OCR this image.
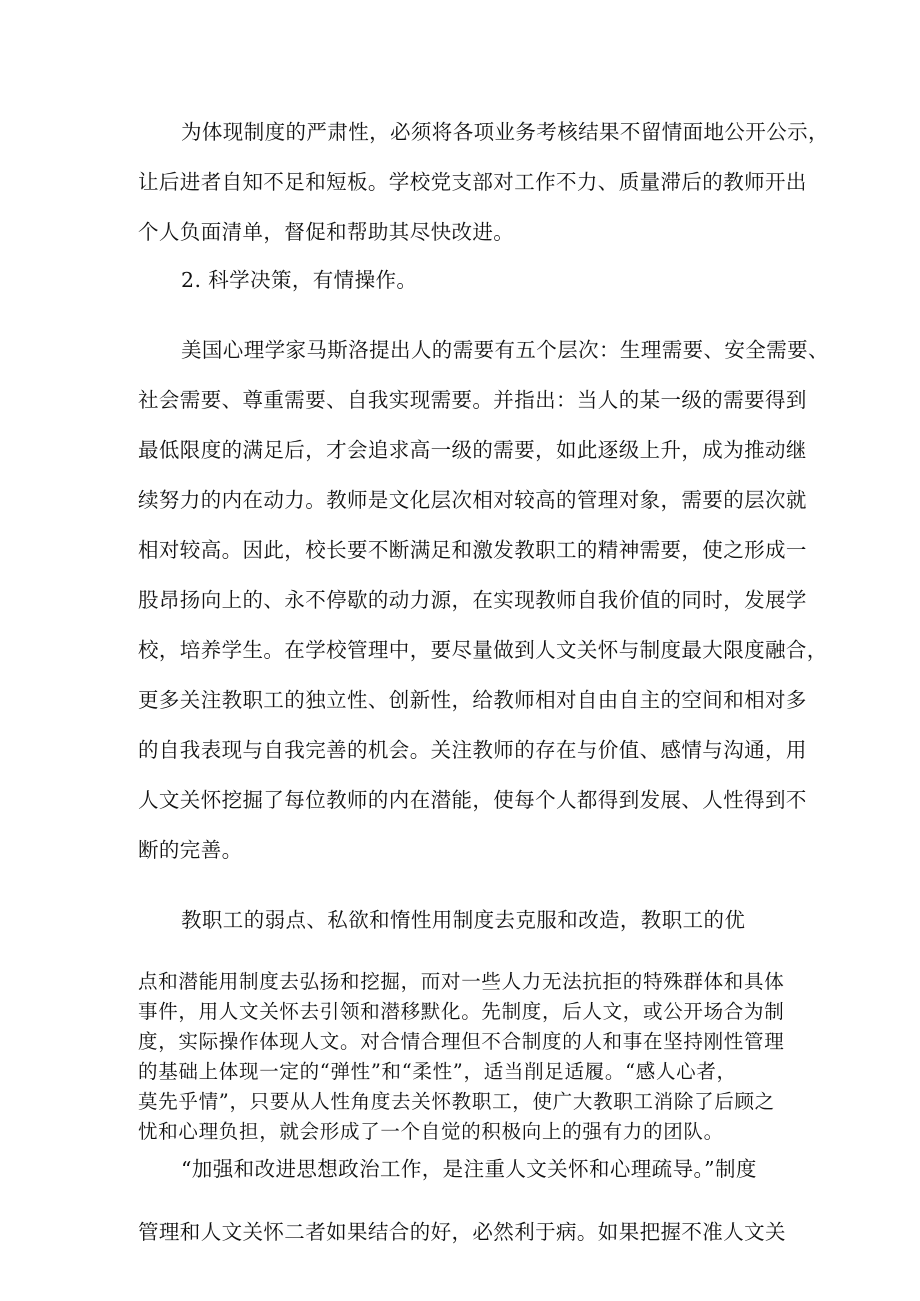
为体现制度的严肃性，必须将各项业务考核结果不留情面地公开公示，

让后进者自知不足和短板。学校党支部对工作不力、质量滞后的教师开出

个人负面清单，督促和帮助其尽快改进。

2. 科学决策，有情操作。

美国心理学家马斯洛提出人的需要有五个层次：生理需要、安全需要、

社会需要、尊重需要、自我实现需要。并指出：当人的某一级的需要得到

最低限度的满足后，才会追求高一级的需要，如此逐级上升，成为推动继

续努力的内在动力。教师是文化层次相对较高的管理对象，需要的层次就

相对较高。因此，校长要不断满足和激发教职工的精神需要，使之形成一

股昂扬向上的、永不停歇的动力源，在实现教师自我价值的同时，发展学

校，培养学生。在学校管理中，要尽量做到人文关怀与制度最大限度融合，

更多关注教职工的独立性、创新性，给教师相对自由自主的空间和相对多

的自我表现与自我完善的机会。关注教师的存在与价值、感情与沟通，用

人文关怀挖掘了每位教师的内在潜能，使每个人都得到发展、人性得到不

断的完善。

教职工的弱点、私欲和惰性用制度去克服和改造，教职工的优

点和潜能用制度去弘扬和挖掘，而对一些人力无法抗拒的特殊群体和具体

事件，用人文关怀去引领和潜移默化。先制度，后人文，或公开场合为制

度，实际操作体现人文。对合情合理但不合制度的人和事在坚持刚性管理

的基础上体现一定的“弹性”和“柔性”，适当削足适履。“感人心者，

莫先乎情”，只要从人性角度去关怀教职工，使广大教职工消除了后顾之

忧和心理负担，就会形成了一个自觉的积极向上的强有力的团队。

“加强和改进思想政治工作，是注重人文关怀和心理疏导。”制度

管理和人文关怀二者如果结合的好，必然利于病。如果把握不准人文关
